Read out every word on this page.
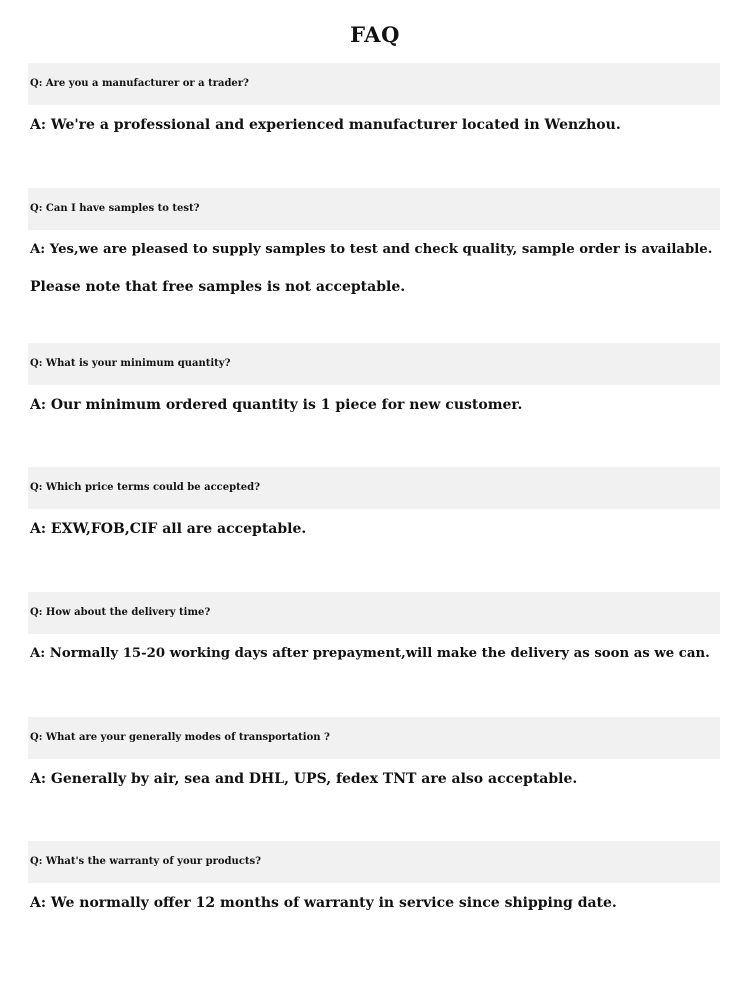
FAQ
Q: Are you a manufacturer or a trader?
A: We're a professional and experienced manufacturer located in Wenzhou.
Q: Can I have samples to test?
A: Yes,we are pleased to supply samples to test and check quality, sample order is available.
Please note that free samples is not acceptable.
Q: What is your minimum quantity?
A: Our minimum ordered quantity is 1 piece for new customer.
Q: Which price terms could be accepted?
A: EXW,FOB,CIF all are acceptable.
Q: How about the delivery time?
A: Normally 15-20 working days after prepayment,will make the delivery as soon as we can.
Q: What are your generally modes of transportation ?
A: Generally by air, sea and DHL, UPS, fedex TNT are also acceptable.
Q: What's the warranty of your products?
A: We normally offer 12 months of warranty in service since shipping date.
